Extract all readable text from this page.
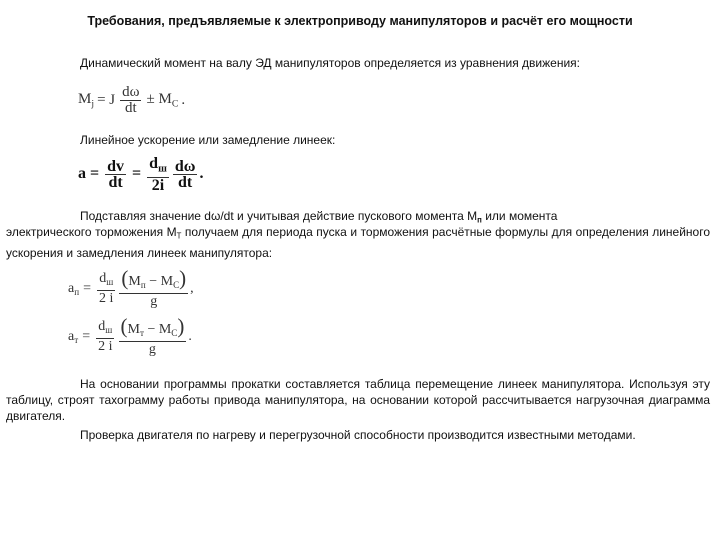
Требования, предъявляемые к электроприводу манипуляторов и расчёт его мощности

Динамический момент на валу ЭД манипуляторов определяется из уравнения движения:

$M_j = J \frac{d\omega}{dt} \pm M_C$ .

Линейное ускорение или замедление линеек:

$a = \frac{dv}{dt} = \frac{d_ш}{2i} \frac{d\omega}{dt}$ .
Подставляя значение dω/dt и учитывая действие пускового момента $М_п$ или момента
электрического торможения $М_Т$ получаем для периода пуска и торможения расчётные формулы для определения линейного ускорения и замедления линеек манипулятора:
$a_п = \frac{d_ш}{2 i} \frac{(M_п - M_C)}{g}$ ,
$a_т = \frac{d_ш}{2 i} \frac{(M_т - M_C)}{g}$ .

На основании программы прокатки составляется таблица перемещение линеек манипулятора. Используя эту таблицу, строят тахограмму работы привода манипулятора, на основании которой рассчитывается нагрузочная диаграмма двигателя.

Проверка двигателя по нагреву и перегрузочной способности производится известными методами.
